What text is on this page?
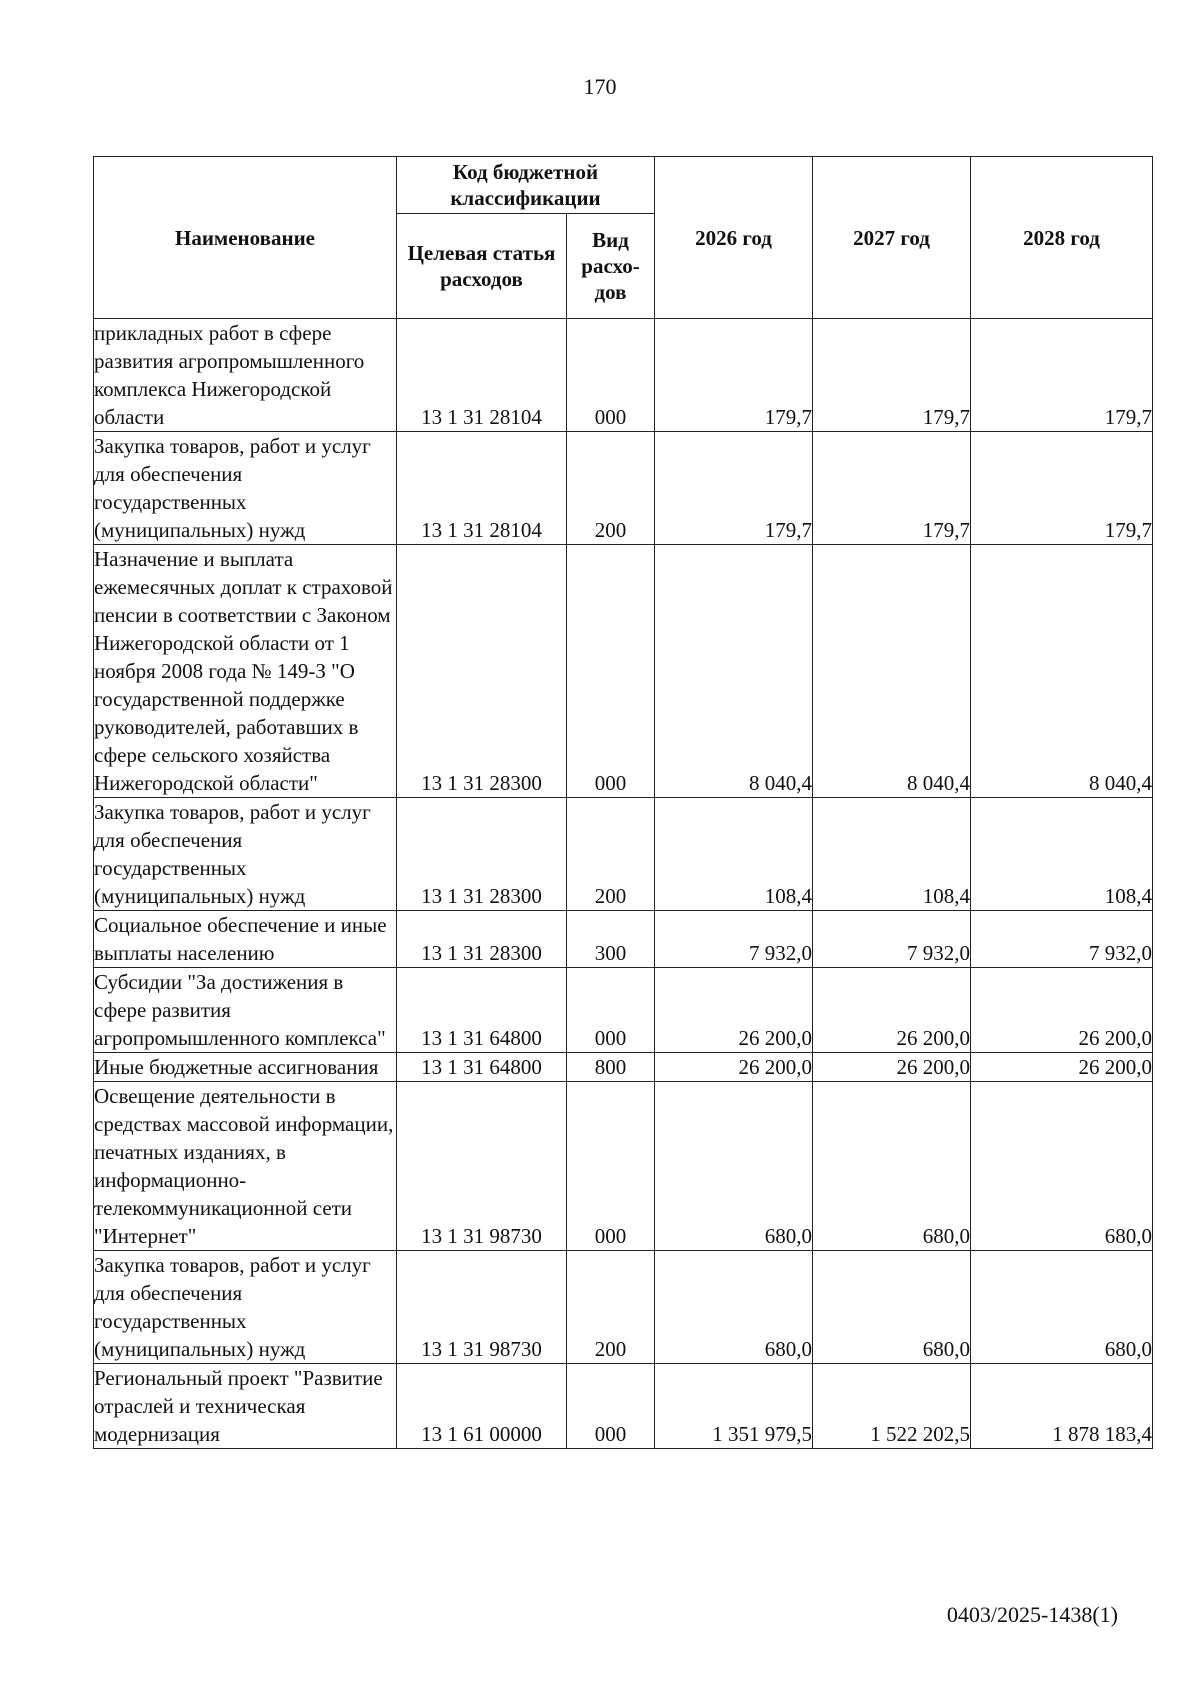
170
Наименование	Код бюджетной классификации		2026 год	2027 год	2028 год
	Целевая статья расходов	Вид расхо-дов			

прикладных работ в сфере развития агропромышленного комплекса Нижегородской области	13 1 31 28104	000	179,7	179,7	179,7

Закупка товаров, работ и услуг для обеспечения государственных (муниципальных) нужд	13 1 31 28104	200	179,7	179,7	179,7

Назначение и выплата ежемесячных доплат к страховой пенсии в соответствии с Законом Нижегородской области от 1 ноября 2008 года № 149-З "О государственной поддержке руководителей, работавших в сфере сельского хозяйства Нижегородской области"	13 1 31 28300	000	8 040,4	8 040,4	8 040,4

Закупка товаров, работ и услуг для обеспечения государственных (муниципальных) нужд	13 1 31 28300	200	108,4	108,4	108,4

Социальное обеспечение и иные выплаты населению	13 1 31 28300	300	7 932,0	7 932,0	7 932,0

Субсидии "За достижения в сфере развития агропромышленного комплекса"	13 1 31 64800	000	26 200,0	26 200,0	26 200,0

Иные бюджетные ассигнования	13 1 31 64800	800	26 200,0	26 200,0	26 200,0

Освещение деятельности в средствах массовой информации, печатных изданиях, в информационно-телекоммуникационной сети "Интернет"	13 1 31 98730	000	680,0	680,0	680,0

Закупка товаров, работ и услуг для обеспечения государственных (муниципальных) нужд	13 1 31 98730	200	680,0	680,0	680,0

Региональный проект "Развитие отраслей и техническая модернизация	13 1 61 00000	000	1 351 979,5	1 522 202,5	1 878 183,4
0403/2025-1438(1)
